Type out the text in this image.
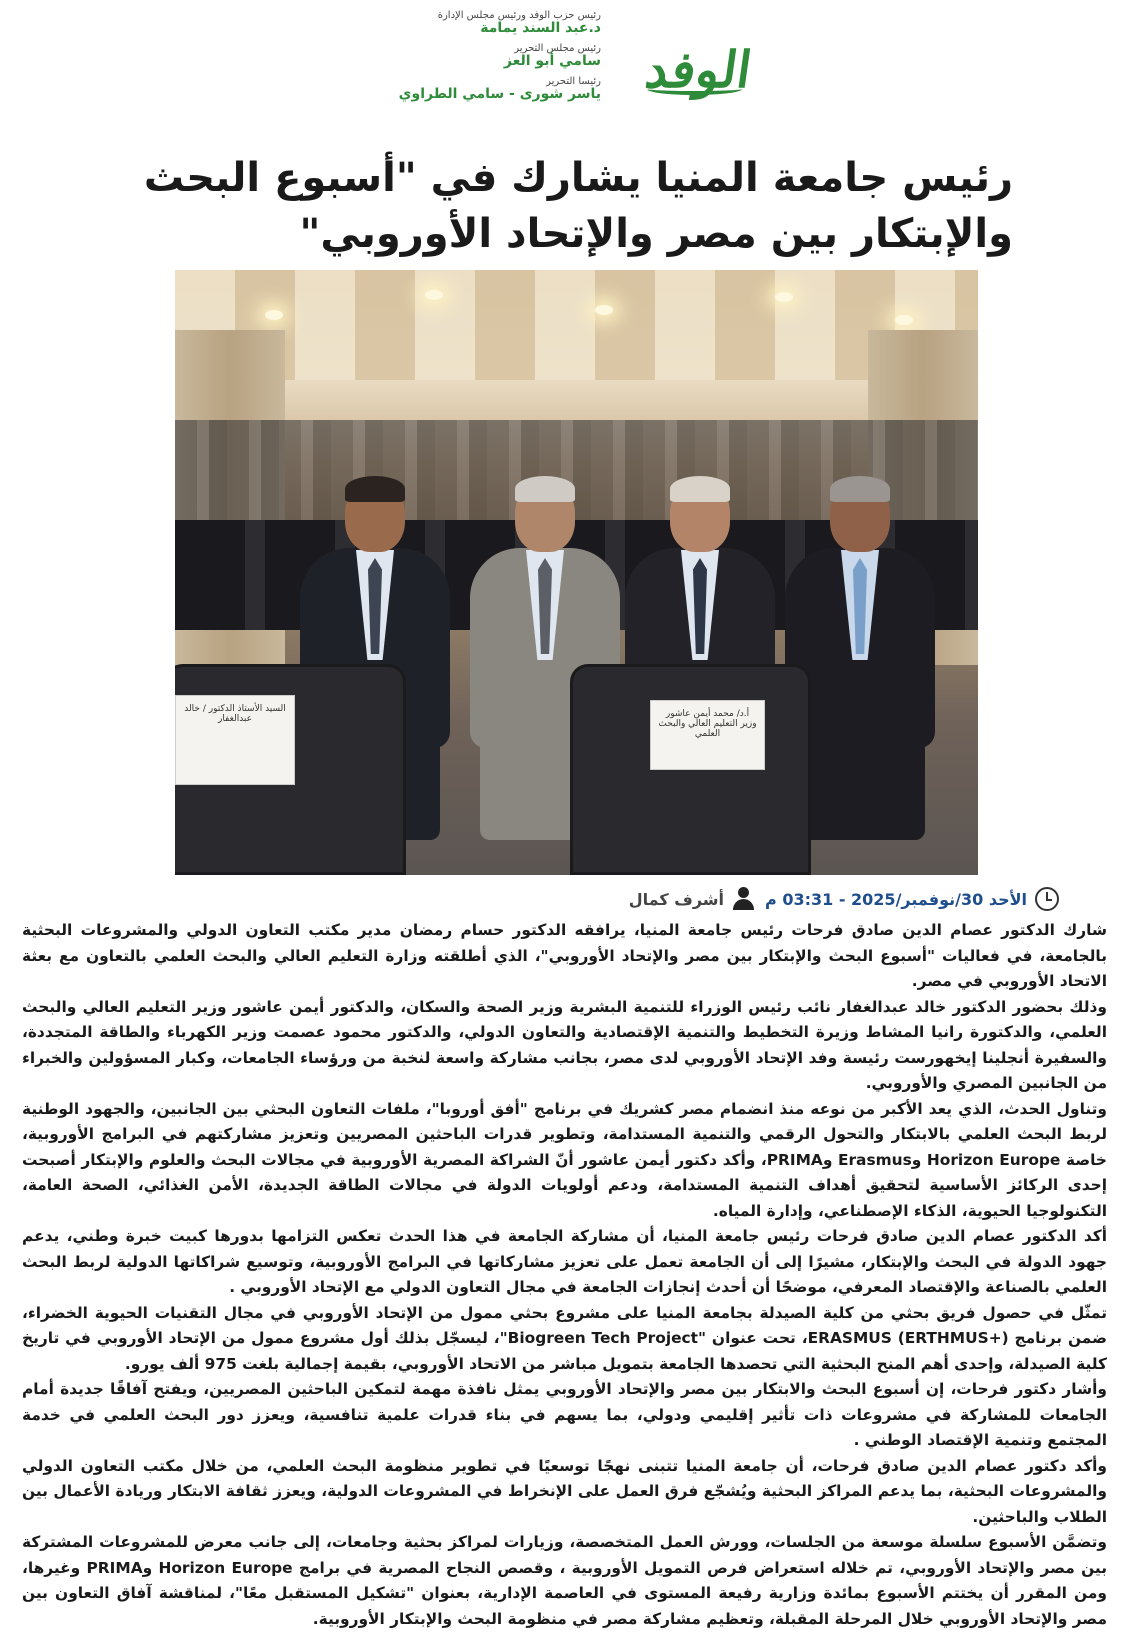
رئيس حزب الوفد ورئيس مجلس الإدارة
د.عبد السند يمامة
رئيس مجلس التحرير
سامي أبو العز
رئيسا التحرير
ياسر شورى - سامي الطراوي الوفد
رئيس جامعة المنيا يشارك في "أسبوع البحث والإبتكار بين مصر والإتحاد الأوروبي"
السيد الأستاذ الدكتور / خالد عبدالغفار	أ.د/ محمد أيمن عاشور وزير التعليم العالي والبحث العلمي
الأحد 30/نوفمبر/2025 - 03:31 م
أشرف كمال

شارك الدكتور عصام الدين صادق فرحات رئيس جامعة المنيا، يرافقه الدكتور حسام رمضان مدير مكتب التعاون الدولي والمشروعات البحثية بالجامعة، في فعاليات "أسبوع البحث والإبتكار بين مصر والإتحاد الأوروبي"، الذي أطلقته وزارة التعليم العالي والبحث العلمي بالتعاون مع بعثة الاتحاد الأوروبي في مصر.

وذلك بحضور الدكتور خالد عبدالغفار نائب رئيس الوزراء للتنمية البشرية وزير الصحة والسكان، والدكتور أيمن عاشور وزير التعليم العالي والبحث العلمي، والدكتورة رانيا المشاط وزيرة التخطيط والتنمية الإقتصادية والتعاون الدولي، والدكتور محمود عصمت وزير الكهرباء والطاقة المتجددة، والسفيرة أنجلينا إيخهورست رئيسة وفد الإتحاد الأوروبي لدى مصر، بجانب مشاركة واسعة لنخبة من ورؤساء الجامعات، وكبار المسؤولين والخبراء من الجانبين المصري والأوروبي.

وتناول الحدث، الذي يعد الأكبر من نوعه منذ انضمام مصر كشريك في برنامج "أفق أوروبا"، ملفات التعاون البحثي بين الجانبين، والجهود الوطنية لربط البحث العلمي بالابتكار والتحول الرقمي والتنمية المستدامة، وتطوير قدرات الباحثين المصريين وتعزيز مشاركتهم في البرامج الأوروبية، خاصة Horizon Europe وErasmus وPRIMA، وأكد دكتور أيمن عاشور أنّ الشراكة المصرية الأوروبية في مجالات البحث والعلوم والإبتكار أصبحت إحدى الركائز الأساسية لتحقيق أهداف التنمية المستدامة، ودعم أولويات الدولة في مجالات الطاقة الجديدة، الأمن الغذائي، الصحة العامة، التكنولوجيا الحيوية، الذكاء الإصطناعي، وإدارة المياه.

أكد الدكتور عصام الدين صادق فرحات رئيس جامعة المنيا، أن مشاركة الجامعة في هذا الحدث تعكس التزامها بدورها كبيت خبرة وطني، يدعم جهود الدولة في البحث والإبتكار، مشيرًا إلى أن الجامعة تعمل على تعزيز مشاركاتها في البرامج الأوروبية، وتوسيع شراكاتها الدولية لربط البحث العلمي بالصناعة والإقتصاد المعرفي، موضحًا أن أحدث إنجازات الجامعة في مجال التعاون الدولي مع الإتحاد الأوروبي .

تمثّل في حصول فريق بحثي من كلية الصيدلة بجامعة المنيا على مشروع بحثي ممول من الإتحاد الأوروبي في مجال التقنيات الحيوية الخضراء، ضمن برنامج ERASMUS (ERTHMUS+)، تحت عنوان "Biogreen Tech Project"، ليسجّل بذلك أول مشروع ممول من الإتحاد الأوروبي في تاريخ كلية الصيدلة، وإحدى أهم المنح البحثية التي تحصدها الجامعة بتمويل مباشر من الاتحاد الأوروبي، بقيمة إجمالية بلغت 975 ألف يورو.

وأشار دكتور فرحات، إن أسبوع البحث والابتكار بين مصر والإتحاد الأوروبي يمثل نافذة مهمة لتمكين الباحثين المصريين، ويفتح آفاقًا جديدة أمام الجامعات للمشاركة في مشروعات ذات تأثير إقليمي ودولي، بما يسهم في بناء قدرات علمية تنافسية، ويعزز دور البحث العلمي في خدمة المجتمع وتنمية الإقتصاد الوطني .

وأكد دكتور عصام الدين صادق فرحات، أن جامعة المنيا تتبنى نهجًا توسعيًا في تطوير منظومة البحث العلمي، من خلال مكتب التعاون الدولي والمشروعات البحثية، بما يدعم المراكز البحثية ويُشجّع فرق العمل على الإنخراط في المشروعات الدولية، ويعزز ثقافة الابتكار وريادة الأعمال بين الطلاب والباحثين.

وتضمَّن الأسبوع سلسلة موسعة من الجلسات، وورش العمل المتخصصة، وزيارات لمراكز بحثية وجامعات، إلى جانب معرض للمشروعات المشتركة بين مصر والإتحاد الأوروبي، تم خلاله استعراض فرص التمويل الأوروبية ، وقصص النجاح المصرية في برامج Horizon Europe وPRIMA وغيرها، ومن المقرر أن يختتم الأسبوع بمائدة وزارية رفيعة المستوى في العاصمة الإدارية، بعنوان "تشكيل المستقبل معًا"، لمناقشة آفاق التعاون بين مصر والإتحاد الأوروبي خلال المرحلة المقبلة، وتعظيم مشاركة مصر في منظومة البحث والإبتكار الأوروبية.
